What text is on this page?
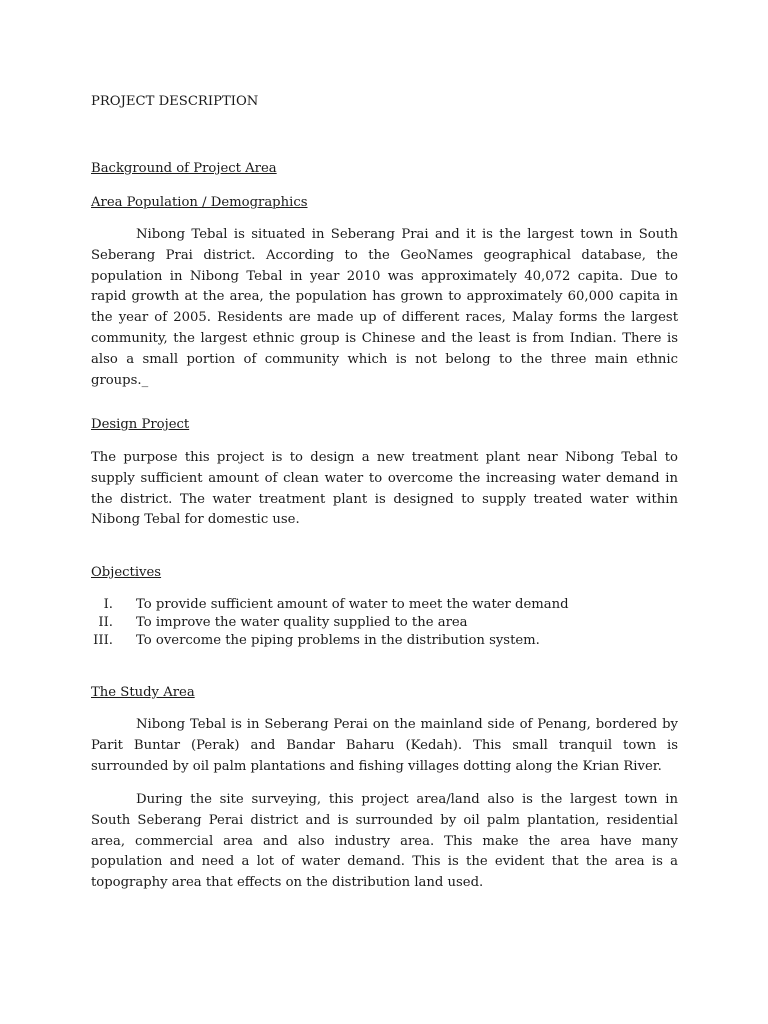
PROJECT DESCRIPTION
Background of Project Area
Area Population / Demographics

Nibong Tebal is situated in Seberang Prai and it is the largest town in South Seberang Prai district. According to the GeoNames geographical database, the population in Nibong Tebal in year 2010 was approximately 40,072 capita. Due to rapid growth at the area, the population has grown to approximately 60,000 capita in the year of 2005. Residents are made up of different races, Malay forms the largest community, the largest ethnic group is Chinese and the least is from Indian. There is also a small portion of community which is not belong to the three main ethnic groups._

Design Project

The purpose this project is to design a new treatment plant near Nibong Tebal to supply sufficient amount of clean water to overcome the increasing water demand in the district. The water treatment plant is designed to supply treated water within Nibong Tebal for domestic use.

Objectives
I. To provide sufficient amount of water to meet the water demand
II. To improve the water quality supplied to the area
III. To overcome the piping problems in the distribution system.
The Study Area

Nibong Tebal is in Seberang Perai on the mainland side of Penang, bordered by Parit Buntar (Perak) and Bandar Baharu (Kedah). This small tranquil town is surrounded by oil palm plantations and fishing villages dotting along the Krian River.

During the site surveying, this project area/land also is the largest town in South Seberang Perai district and is surrounded by oil palm plantation, residential area, commercial area and also industry area. This make the area have many population and need a lot of water demand. This is the evident that the area is a topography area that effects on the distribution land used.
